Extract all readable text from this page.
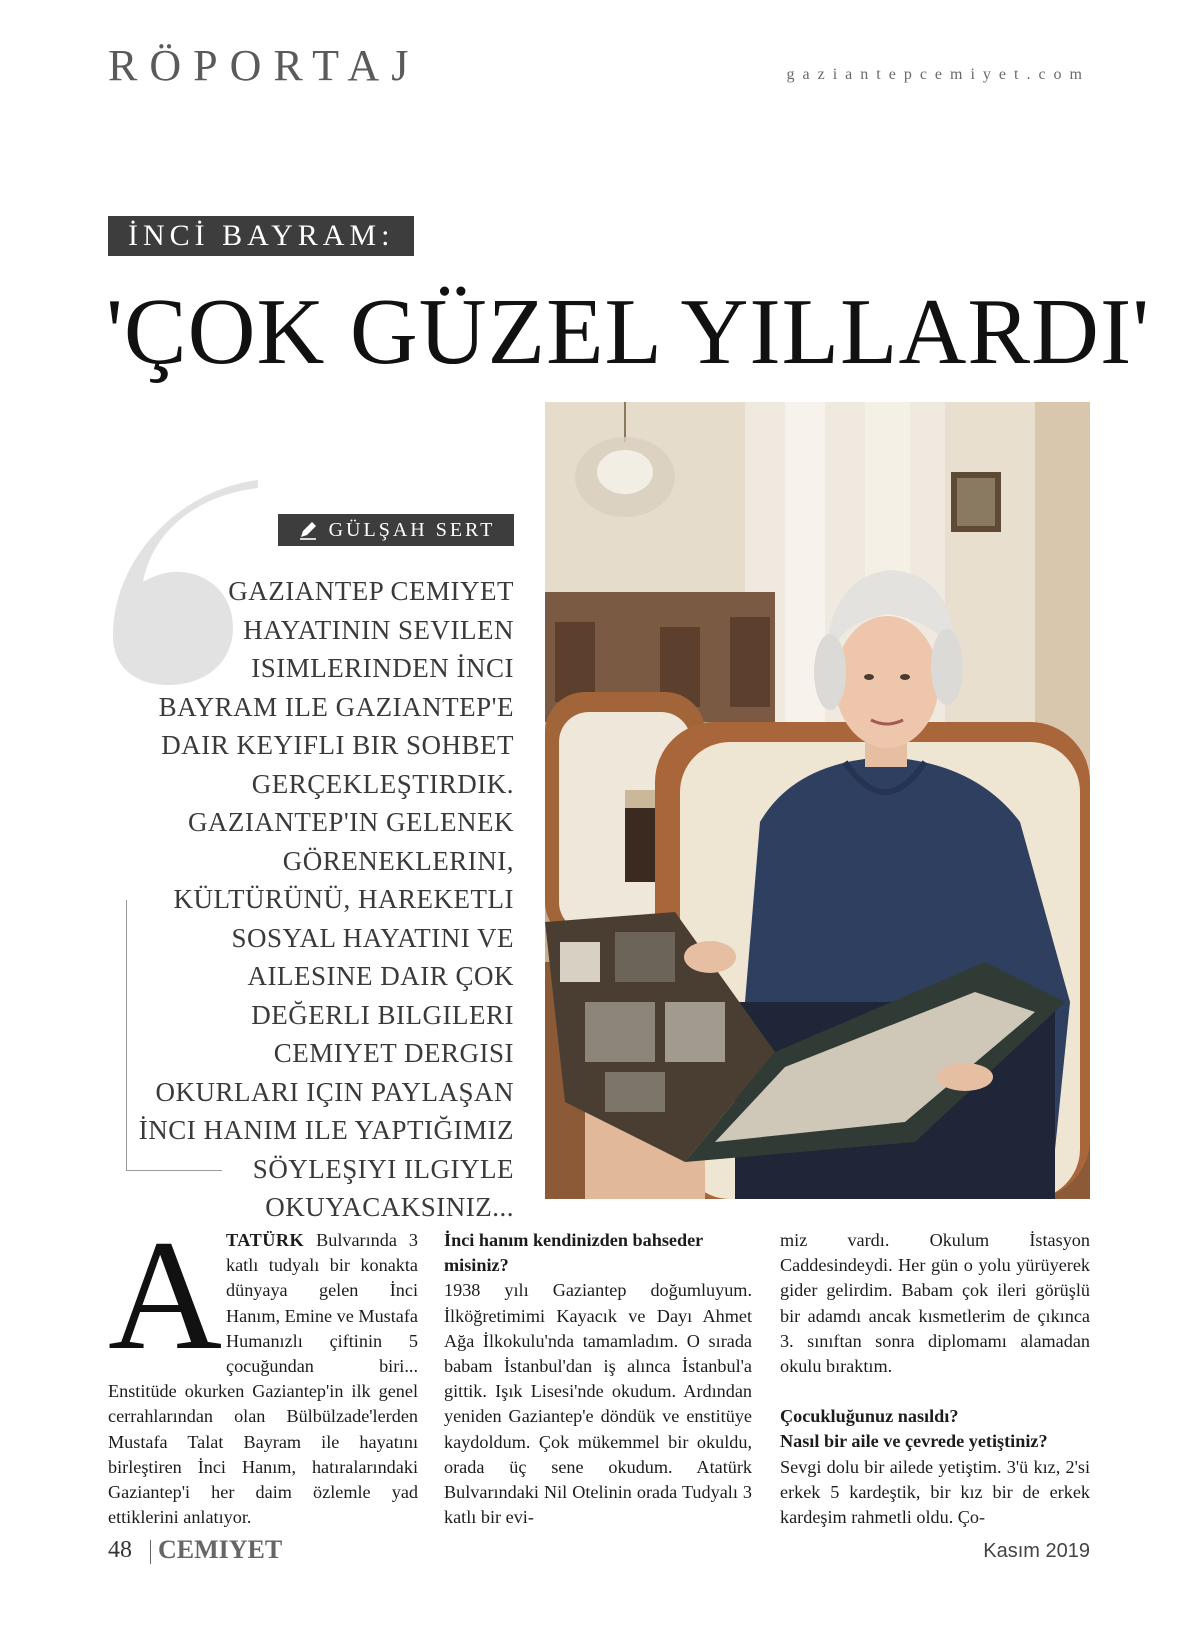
RÖPORTAJ	gaziantepcemiyet.com
İNCİ BAYRAM:
'ÇOK GÜZEL YILLARDI'
GÜLŞAH SERT
GAZIANTEP CEMIYET HAYATININ SEVILEN ISIMLERINDEN İNCI BAYRAM ILE GAZIANTEP'E DAIR KEYIFLI BIR SOHBET GERÇEKLEŞTIRDIK. GAZIANTEP'IN GELENEK GÖRENEKLERINI, KÜLTÜRÜNÜ, HAREKETLI SOSYAL HAYATINI VE AILESINE DAIR ÇOK DEĞERLI BILGILERI CEMIYET DERGISI OKURLARI IÇIN PAYLAŞAN İNCI HANIM ILE YAPTIĞIMIZ SÖYLEŞIYI ILGIYLE OKUYACAKSINIZ...
A TATÜRK Bulvarında 3 katlı tudyalı bir konakta dünyaya gelen İnci Hanım, Emine ve Mustafa Humanızlı çiftinin 5 çocuğundan biri... Enstitüde okurken Gaziantep'in ilk genel cerrahlarından olan Bülbülzade'lerden Mustafa Talat Bayram ile hayatını birleştiren İnci Hanım, hatıralarındaki Gaziantep'i her daim özlemle yad ettiklerini anlatıyor.

İnci hanım kendinizden bahseder misiniz?

1938 yılı Gaziantep doğumluyum. İlköğretimimi Kayacık ve Dayı Ahmet Ağa İlkokulu'nda tamamladım. O sırada babam İstanbul'dan iş alınca İstanbul'a gittik. Işık Lisesi'nde okudum. Ardından yeniden Gaziantep'e döndük ve enstitüye kaydoldum. Çok mükemmel bir okuldu, orada üç sene okudum. Atatürk Bulvarındaki Nil Otelinin orada Tudyalı 3 katlı bir evi-

miz vardı. Okulum İstasyon Caddesindeydi. Her gün o yolu yürüyerek gider gelirdim. Babam çok ileri görüşlü bir adamdı ancak kısmetlerim de çıkınca 3. sınıftan sonra diplomamı alamadan okulu bıraktım.

Çocukluğunuz nasıldı?

Nasıl bir aile ve çevrede yetiştiniz?

Sevgi dolu bir ailede yetiştim. 3'ü kız, 2'si erkek 5 kardeştik, bir kız bir de erkek kardeşim rahmetli oldu. Ço-

48 CEMIYET	Kasım 2019
